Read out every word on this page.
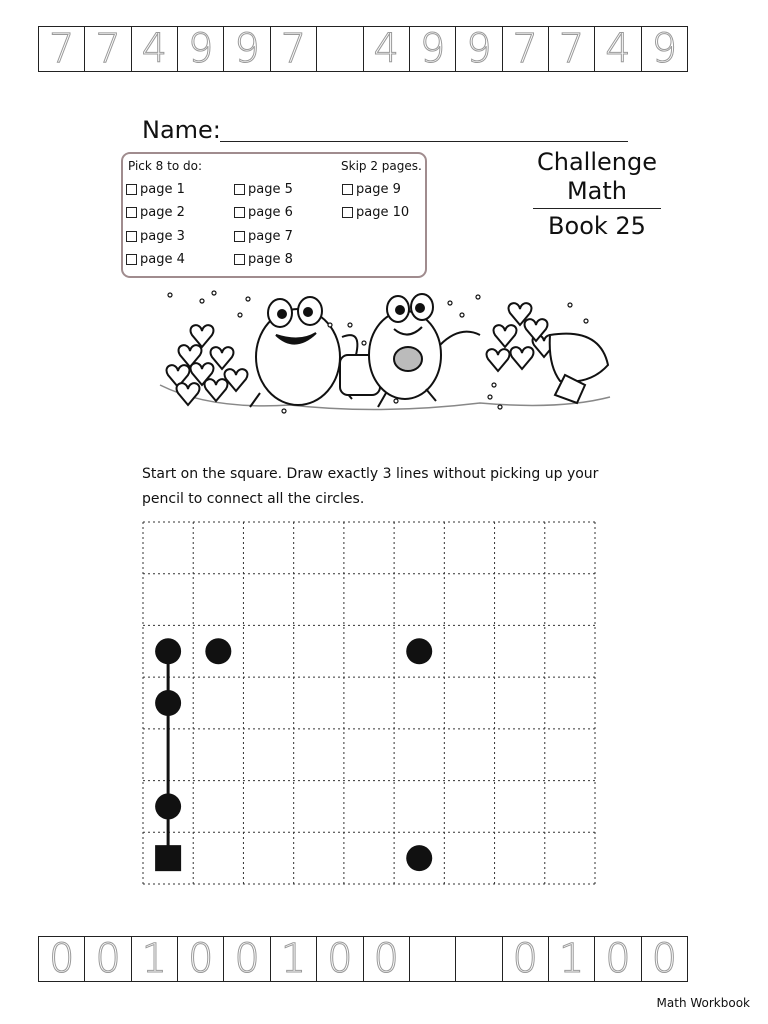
7 7 4 9 9 7 4 9 9 7 7 4 9
Name:
Pick 8 to do:	Skip 2 pages.
page 1
page 2
page 3
page 4
page 5
page 6
page 7
page 8
page 9
page 10
Challenge
Math
Book 25
Start on the square. Draw exactly 3 lines without picking up your pencil to connect all the circles.
0 0 1 0 0 1 0 0	0 1 0 0
Math Workbook
